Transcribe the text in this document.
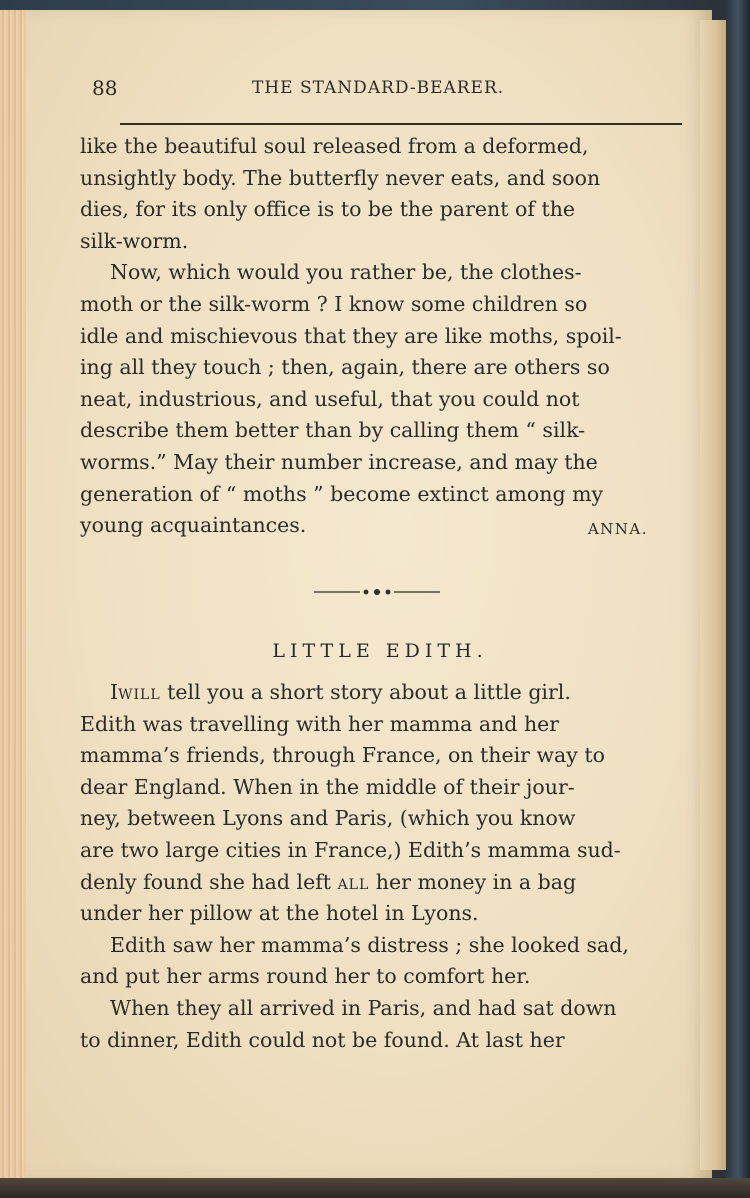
88	THE STANDARD-BEARER.
like the beautiful soul released from a deformed,
unsightly body. The butterfly never eats, and soon
dies, for its only office is to be the parent of the
silk-worm.
Now, which would you rather be, the clothes-
moth or the silk-worm ? I know some children so
idle and mischievous that they are like moths, spoil-
ing all they touch ; then, again, there are others so
neat, industrious, and useful, that you could not
describe them better than by calling them “ silk-
worms.” May their number increase, and may the
generation of “ moths ” become extinct among my
young acquaintances.	ANNA.
LITTLE EDITH.
Iwill tell you a short story about a little girl.
Edith was travelling with her mamma and her
mamma’s friends, through France, on their way to
dear England. When in the middle of their jour-
ney, between Lyons and Paris, (which you know
are two large cities in France,) Edith’s mamma sud-
denly found she had left all her money in a bag
under her pillow at the hotel in Lyons.
Edith saw her mamma’s distress ; she looked sad,
and put her arms round her to comfort her.
When they all arrived in Paris, and had sat down
to dinner, Edith could not be found. At last her
